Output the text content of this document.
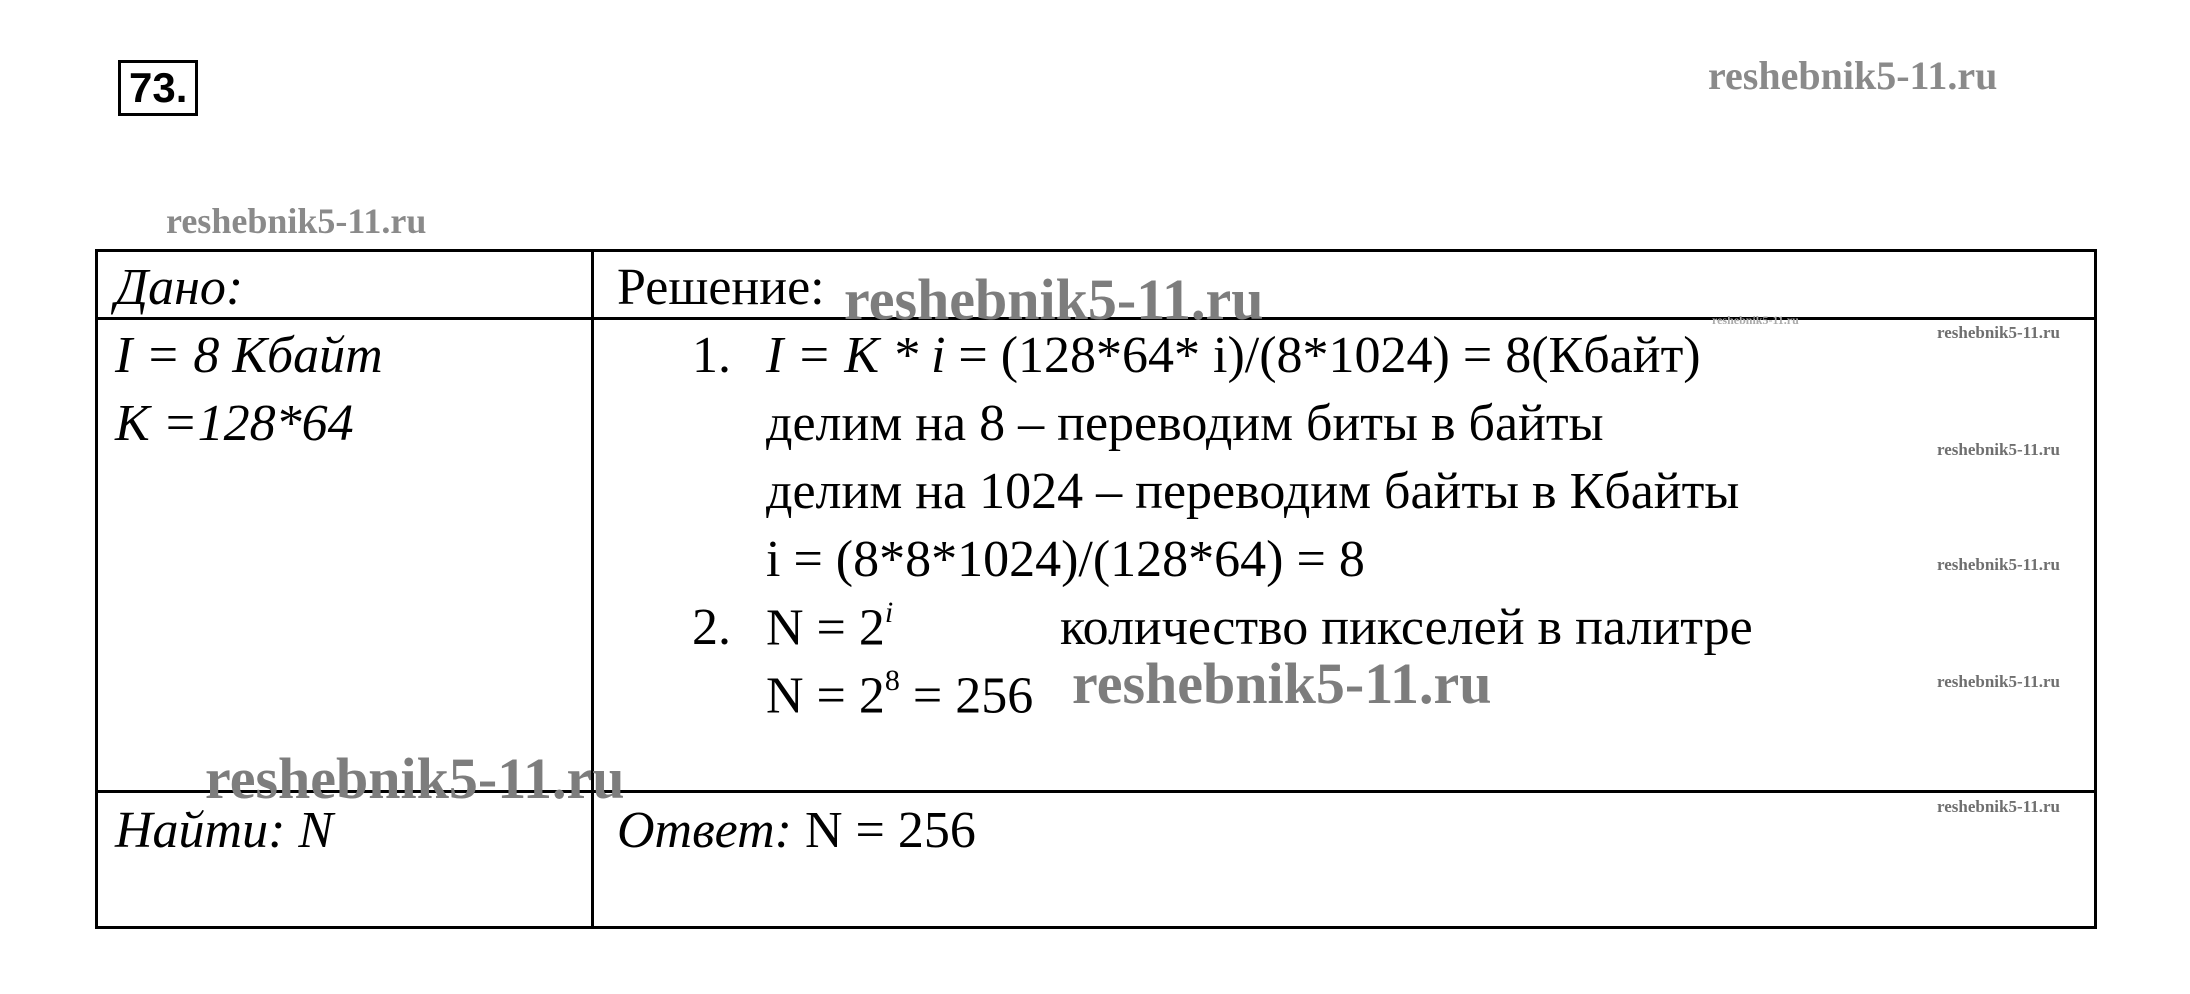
73.	reshebnik5-11.ru
reshebnik5-11.ru
Дано:
I = 8 Кбайт
К =128*64
Найти: N
Решение:
1. I = К * i = (128*64* i)/(8*1024) = 8(Кбайт)
делим на 8 – переводим биты в байты
делим на 1024 – переводим байты в Кбайты
i = (8*8*1024)/(128*64) = 8
2. $N = 2^i$	количество пикселей в палитре
$N = 2^8 = 256$
Ответ: N = 256
reshebnik5-11.ru
reshebnik5-11.ru
reshebnik5-11.ru
reshebnik5-11.ru
reshebnik5-11.ru
reshebnik5-11.ru
reshebnik5-11.ru
reshebnik5-11.ru
reshebnik5-11.ru
